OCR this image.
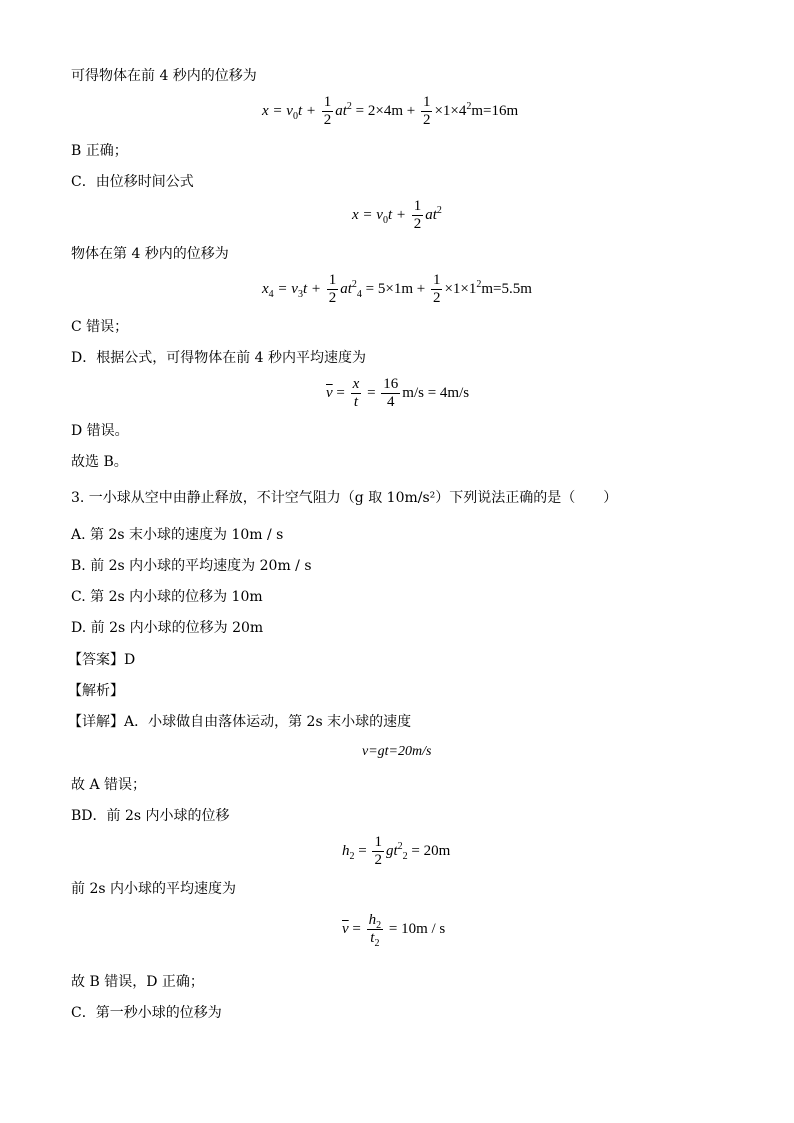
可得物体在前 4 秒内的位移为
$x = v_0t + \frac{1}{2} at^2 = 2\times 4m + \frac{1}{2} \times 1\times 4^2m=16m$
B 正确；
C．由位移时间公式
$x = v_0t + \frac{1}{2} at^2$
物体在第 4 秒内的位移为
$x_4 = v_3t + \frac{1}{2} at^2_4 = 5\times 1m + \frac{1}{2} \times 1\times 1^2m=5.5m$
C 错误；
D．根据公式，可得物体在前 4 秒内平均速度为
$\overline{v} = \frac{x}{t} = \frac{16}{4} m/s = 4m/s$
D 错误。
故选 B。
3. 一小球从空中由静止释放，不计空气阻力（g 取 10m/s²）下列说法正确的是（　　）
A. 第 2s 末小球的速度为 10m / s
B. 前 2s 内小球的平均速度为 20m / s
C. 第 2s 内小球的位移为 10m
D. 前 2s 内小球的位移为 20m
【答案】D
【解析】
【详解】A．小球做自由落体运动，第 2s 末小球的速度
v=gt=20m/s
故 A 错误；
BD．前 2s 内小球的位移
$h_2 = \frac{1}{2} gt^2_2 = 20m$
前 2s 内小球的平均速度为
$\overline{v} = \frac{h_2}{t_2} = 10m / s$
故 B 错误，D 正确；
C．第一秒小球的位移为
